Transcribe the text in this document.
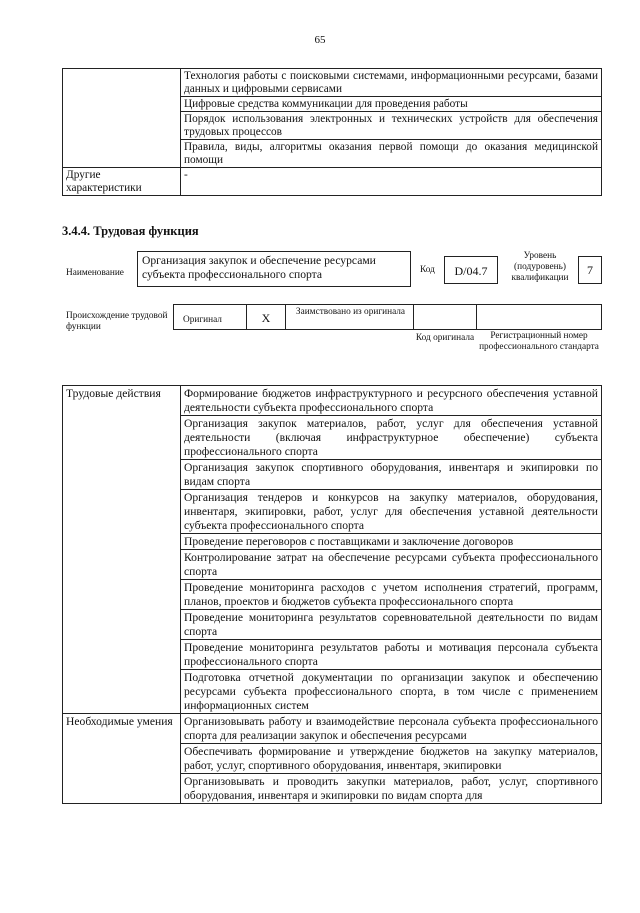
65
	Технология работы с поисковыми системами, информационными ресурсами, базами данных и цифровыми сервисами
	Цифровые средства коммуникации для проведения работы
	Порядок использования электронных и технических устройств для обеспечения трудовых процессов
	Правила, виды, алгоритмы оказания первой помощи до оказания медицинской помощи
Другие характеристики	-
3.4.4. Трудовая функция
Наименование
Организация закупок и обеспечение ресурсами субъекта профессионального спорта	Код	D/04.7
Уровень (подуровень) квалификации
7
Происхождение трудовой функции
Оригинал	X	Заимствовано из оригинала
Код оригинала	Регистрационный номер профессионального стандарта
Трудовые действия	Формирование бюджетов инфраструктурного и ресурсного обеспечения уставной деятельности субъекта профессионального спорта
	Организация закупок материалов, работ, услуг для обеспечения уставной деятельности (включая инфраструктурное обеспечение) субъекта профессионального спорта
	Организация закупок спортивного оборудования, инвентаря и экипировки по видам спорта
	Организация тендеров и конкурсов на закупку материалов, оборудования, инвентаря, экипировки, работ, услуг для обеспечения уставной деятельности субъекта профессионального спорта
	Проведение переговоров с поставщиками и заключение договоров
	Контролирование затрат на обеспечение ресурсами субъекта профессионального спорта
	Проведение мониторинга расходов с учетом исполнения стратегий, программ, планов, проектов и бюджетов субъекта профессионального спорта
	Проведение мониторинга результатов соревновательной деятельности по видам спорта
	Проведение мониторинга результатов работы и мотивация персонала субъекта профессионального спорта
	Подготовка отчетной документации по организации закупок и обеспечению ресурсами субъекта профессионального спорта, в том числе с применением информационных систем
Необходимые умения	Организовывать работу и взаимодействие персонала субъекта профессионального спорта для реализации закупок и обеспечения ресурсами
	Обеспечивать формирование и утверждение бюджетов на закупку материалов, работ, услуг, спортивного оборудования, инвентаря, экипировки
	Организовывать и проводить закупки материалов, работ, услуг, спортивного оборудования, инвентаря и экипировки по видам спорта для
